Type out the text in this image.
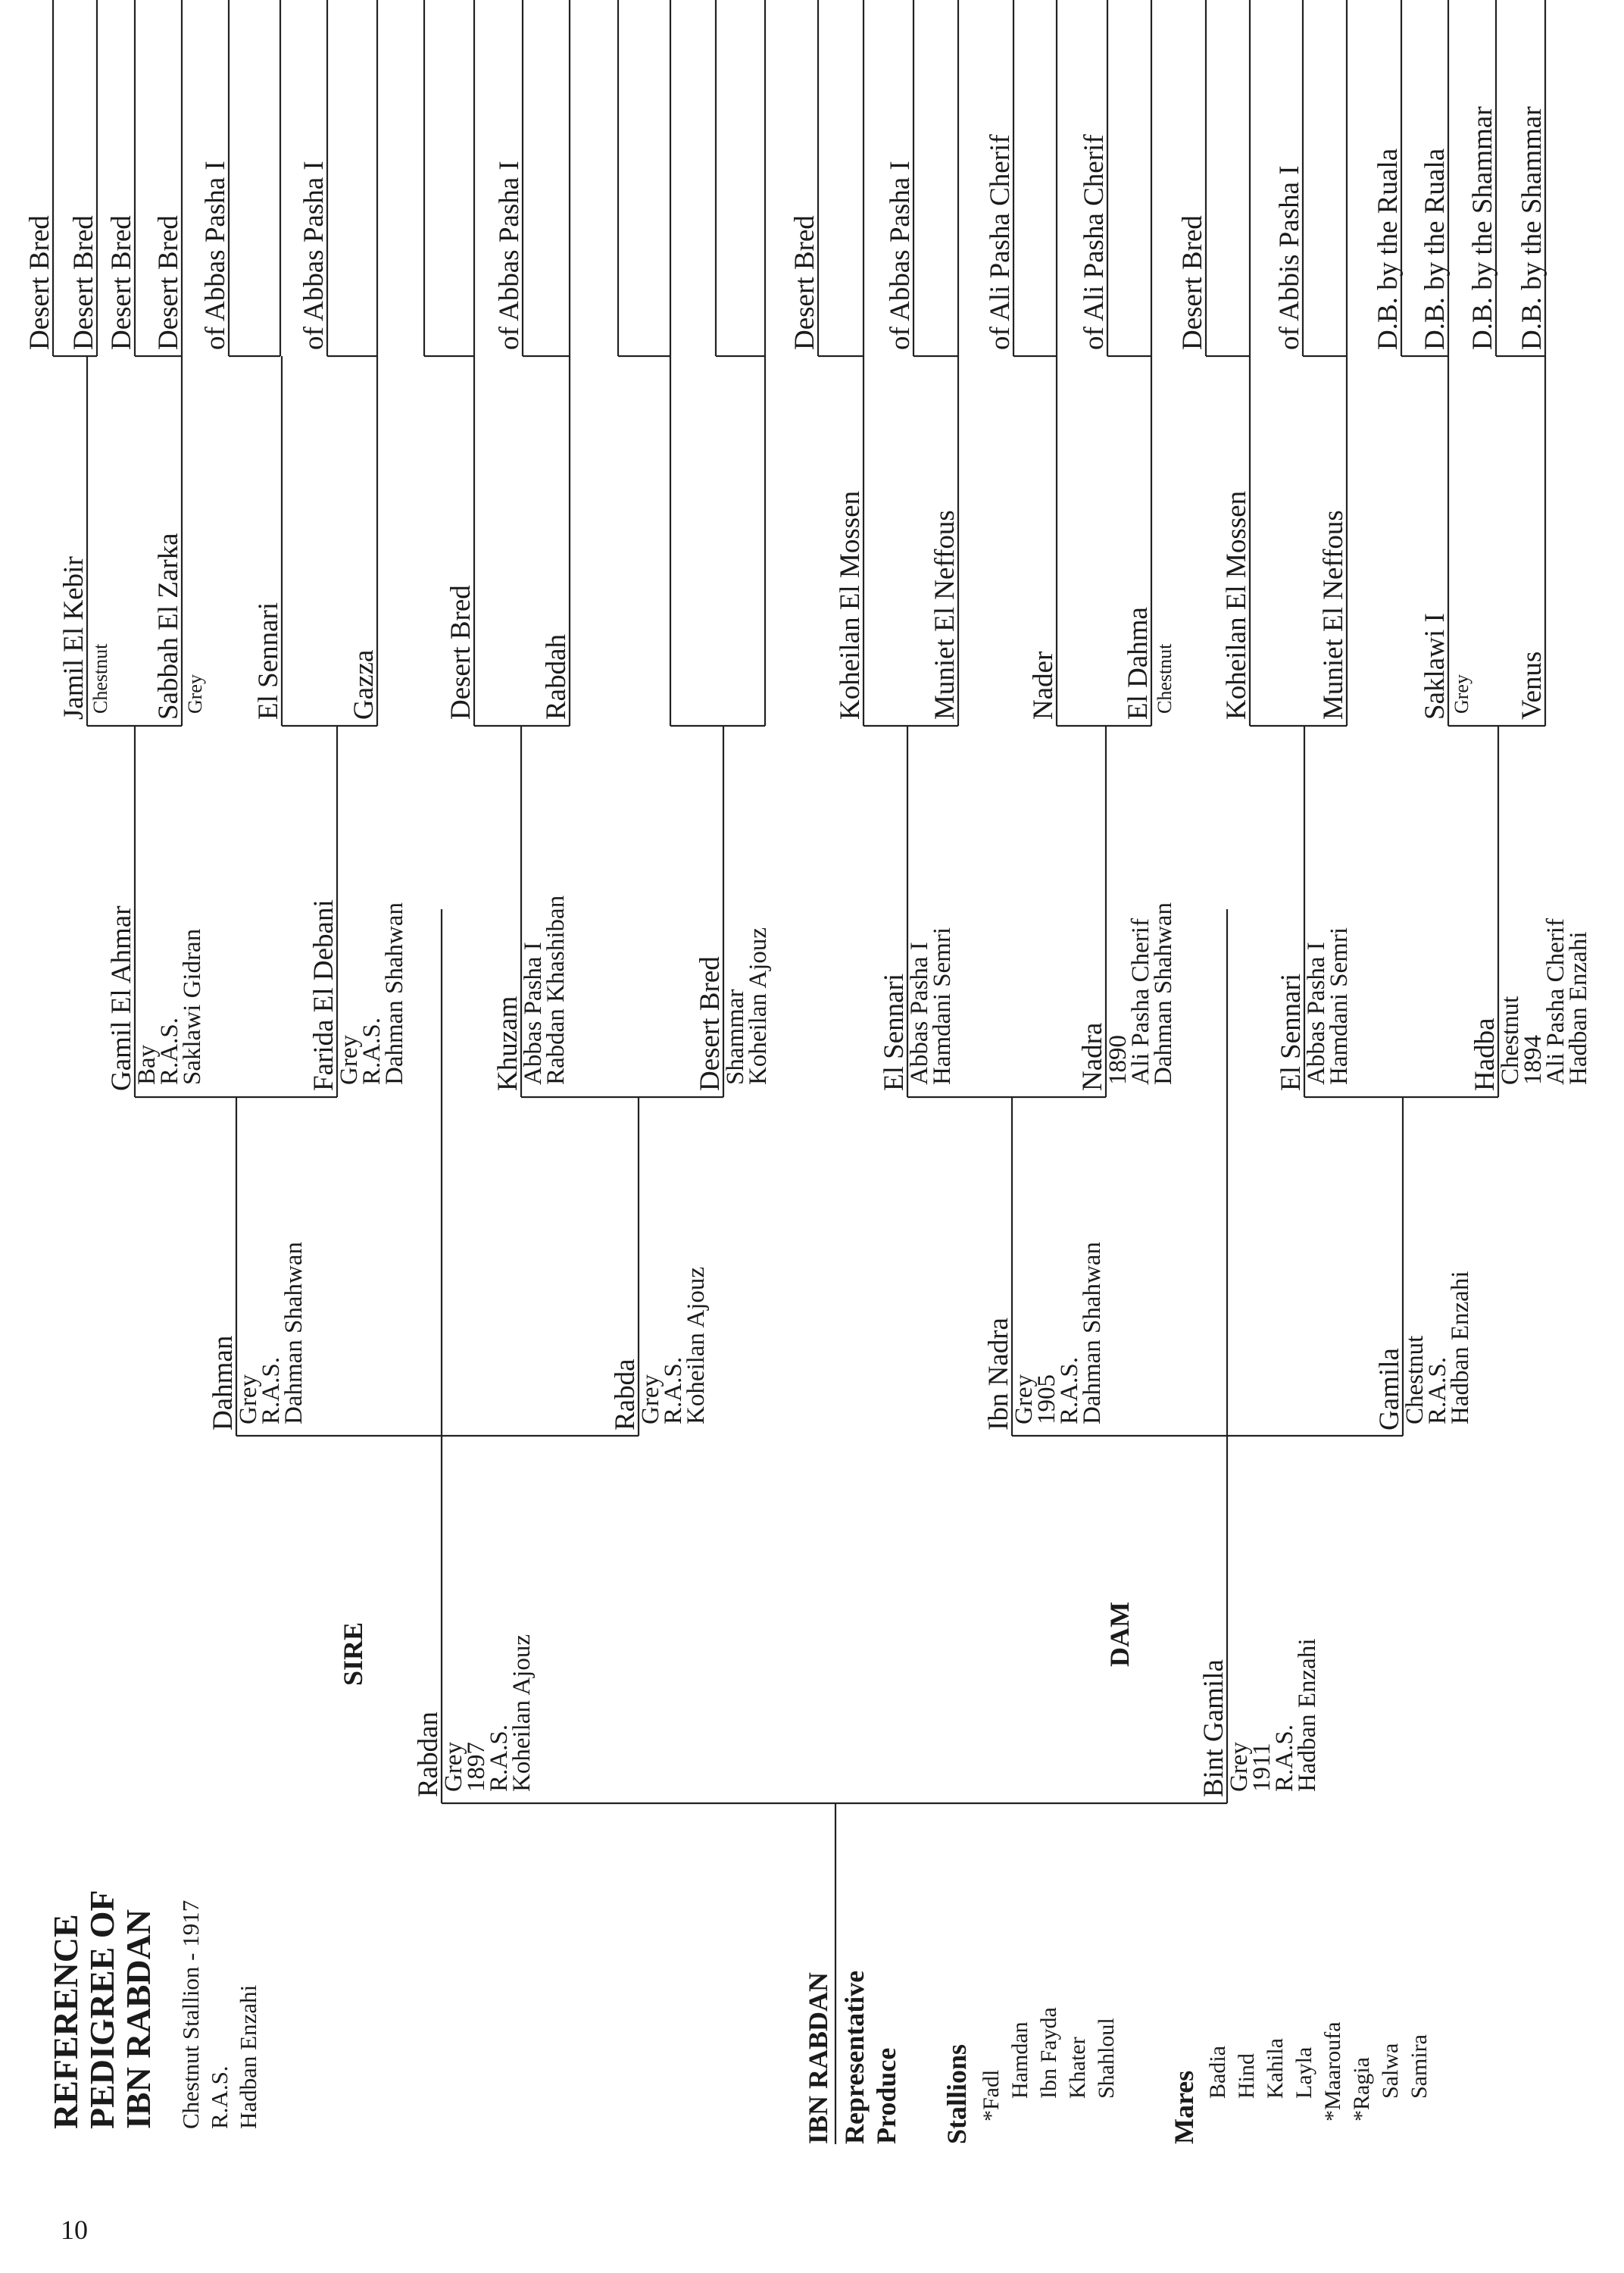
10
REFERENCE
PEDIGREE OF
IBN RABDAN Chestnut Stallion - 1917 R.A.S. Hadban Enzahi	IBN RABDAN Representative Produce Stallions *Fadl Hamdan Ibn Fayda Khater Shahloul
Mares Badia Hind Kahila Layla *Maaroufa *Ragia Salwa Samira
SIRE	DAM
Rabdan
Grey
1897
R.A.S.
Koheilan Ajouz	Bint Gamila
Grey
1911
R.A.S.
Hadban Enzahi
Dahman
Grey
R.A.S.
Dahman Shahwan	Rabda
Grey
R.A.S.
Koheilan Ajouz	Ibn Nadra
Grey
1905
R.A.S.
Dahman Shahwan	Gamila
Chestnut
R.A.S.
Hadban Enzahi
Gamil El Ahmar
Bay
R.A.S.
Saklawi Gidran	Farida El Debani
Grey
R.A.S.
Dahman Shahwan	Khuzam
Abbas Pasha I
Rabdan Khashiban	Desert Bred
Shammar
Koheilan Ajouz	El Sennari
Abbas Pasha I
Hamdani Semri	Nadra
1890
Ali Pasha Cherif
Dahman Shahwan	El Sennari
Abbas Pasha I
Hamdani Semri	Hadba
Chestnut
1894
Ali Pasha Cherif
Hadban Enzahi
Jamil El Kebir Chestnut Sabbah El Zarka Grey El Sennari Gazza Desert Bred Rabdah	Koheilan El Mossen Muniet El Neffous Nader El Dahma Chestnut Koheilan El Mossen Muniet El Neffous	Saklawi I Grey Venus
Desert Bred Desert Bred Desert Bred Desert Bred of Abbas Pasha I of Abbas Pasha I	of Abbas Pasha I	Desert Bred of Abbas Pasha I of Ali Pasha Cherif of Ali Pasha Cherif Desert Bred of Abbis Pasha I D.B. by the Ruala D.B. by the Ruala D.B. by the Shammar D.B. by the Shammar
